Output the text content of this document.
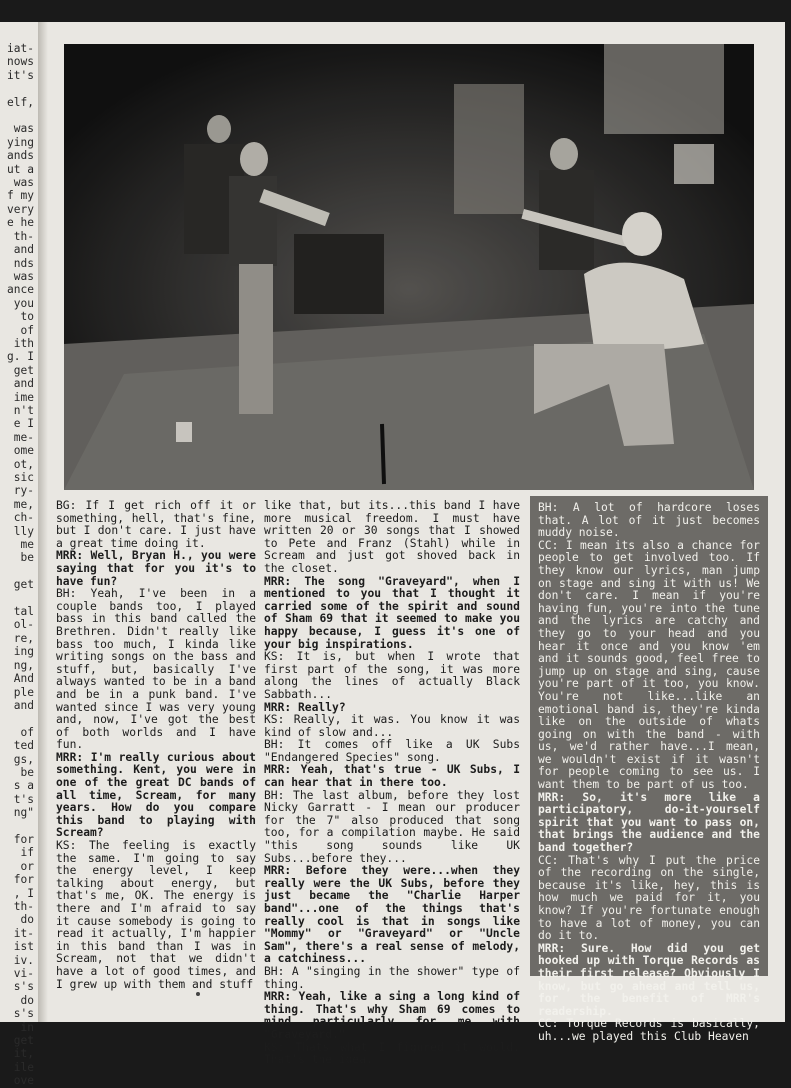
iat-
nows
it's

elf,

was
ying
ands
ut a
was
f my
very
e he
th-
and
nds
was
ance
you
to
of
ith
g. I
get
and
ime
n't
e I
me-
ome
ot,
sic
ry-
me,
ch-
lly
me
be

get

tal
ol-
re,
ing
ng,
And
ple
and

of
ted
gs,
be
s a
t's
ng"

for
if
or
for
, I
th-
do
it-
ist
iv.
vi-
s's
do
s's
in
get
it,
ile
ove

BG: If I get rich off it or something, hell, that's fine, but I don't care. I just have a great time doing it.

MRR: Well, Bryan H., you were saying that for you it's to have fun?

BH: Yeah, I've been in a couple bands too, I played bass in this band called the Brethren. Didn't really like bass too much, I kinda like writing songs on the bass and stuff, but, basically I've always wanted to be in a band and be in a punk band. I've wanted since I was very young and, now, I've got the best of both worlds and I have fun.

MRR: I'm really curious about something. Kent, you were in one of the great DC bands of all time, Scream, for many years. How do you compare this band to playing with Scream?

KS: The feeling is exactly the same. I'm going to say the energy level, I keep talking about energy, but that's me, OK. The energy is there and I'm afraid to say it cause somebody is going to read it actually, I'm happier in this band than I was in Scream, not that we didn't have a lot of good times, and I grew up with them and stuff

like that, but its...this band I have more musical freedom. I must have written 20 or 30 songs that I showed to Pete and Franz (Stahl) while in Scream and just got shoved back in the closet.

MRR: The song "Graveyard", when I mentioned to you that I thought it carried some of the spirit and sound of Sham 69 that it seemed to make you happy because, I guess it's one of your big inspirations.

KS: It is, but when I wrote that first part of the song, it was more along the lines of actually Black Sabbath...

MRR: Really?

KS: Really, it was. You know it was kind of slow and...

BH: It comes off like a UK Subs "Endangered Species" song.

MRR: Yeah, that's true - UK Subs, I can hear that in there too.

BH: The last album, before they lost Nicky Garratt - I mean our producer for the 7" also produced that song too, for a compilation maybe. He said "this song sounds like UK Subs...before they...

MRR: Before they were...when they really were the UK Subs, before they just became the "Charlie Harper band"...one of the things that's really cool is that in songs like "Mommy" or "Graveyard" or "Uncle Sam", there's a real sense of melody, a catchiness...

BH: A "singing in the shower" type of thing.

MRR: Yeah, like a sing a long kind of thing. That's why Sham 69 comes to mind particularly for me with "Graveyard."

KS: Thats what I figured it would. That's the idea.

BH: A lot of hardcore loses that. A lot of it just becomes muddy noise.

CC: I mean its also a chance for people to get involved too. If they know our lyrics, man jump on stage and sing it with us! We don't care. I mean if you're having fun, you're into the tune and the lyrics are catchy and they go to your head and you hear it once and you know 'em and it sounds good, feel free to jump up on stage and sing, cause you're part of it too, you know. You're not like...like an emotional band is, they're kinda like on the outside of whats going on with the band - with us, we'd rather have...I mean, we wouldn't exist if it wasn't for people coming to see us. I want them to be part of us too.

MRR: So, it's more like a participatory, do-it-yourself spirit that you want to pass on, that brings the audience and the band together?

CC: That's why I put the price of the recording on the single, because it's like, hey, this is how much we paid for it, you know? If you're fortunate enough to have a lot of money, you can do it to.

MRR: Sure. How did you get hooked up with Torque Records as their first release? Obviously I know, but go ahead and tell us, for the benefit of MRR's readership.

CC: Torque Records is basically, uh...we played this Club Heaven
